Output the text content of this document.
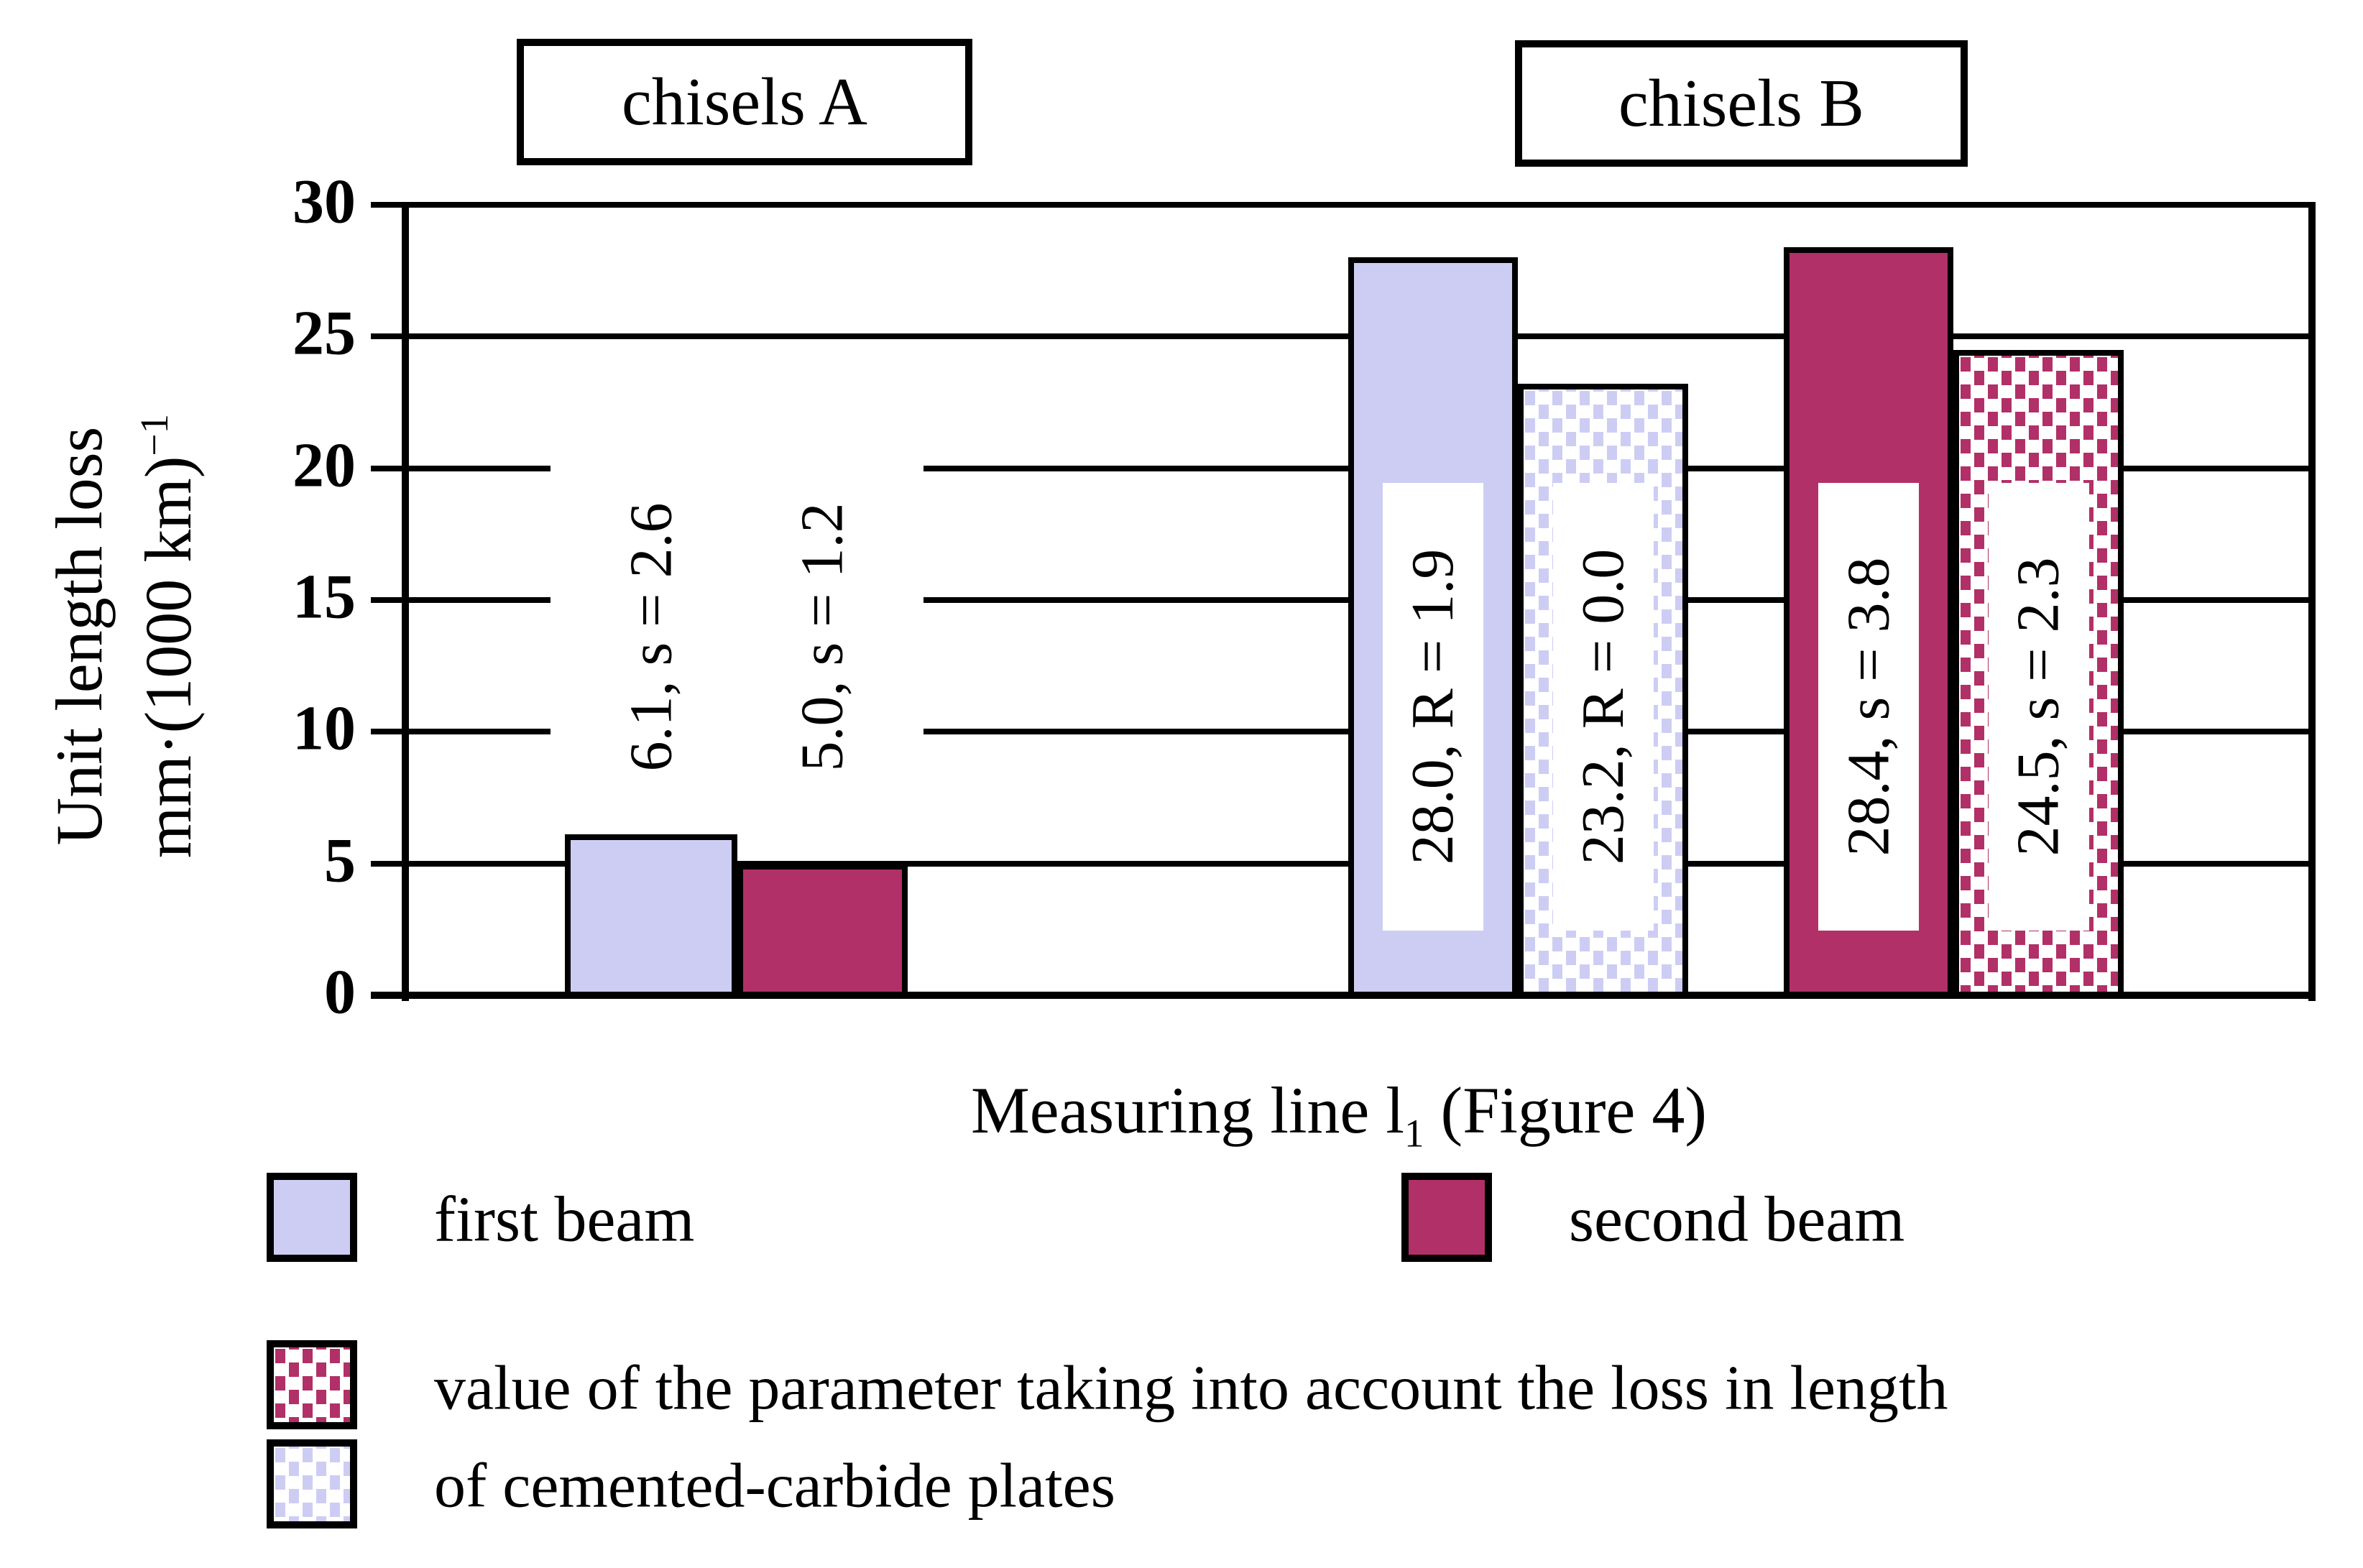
chisels A	chisels B
Unit length loss mm·(1000 km)$^{-1}$
Measuring line $l_1$ (Figure 4)
0
5
10
15
20
25
30
6.1, s = 2.6 5.0, s = 1.2	28.0, R = 1.9 23.2, R = 0.0	28.4, s = 3.8 24.5, s = 2.3
first beam	second beam
value of the parameter taking into account the loss in length
of cemented-carbide plates
